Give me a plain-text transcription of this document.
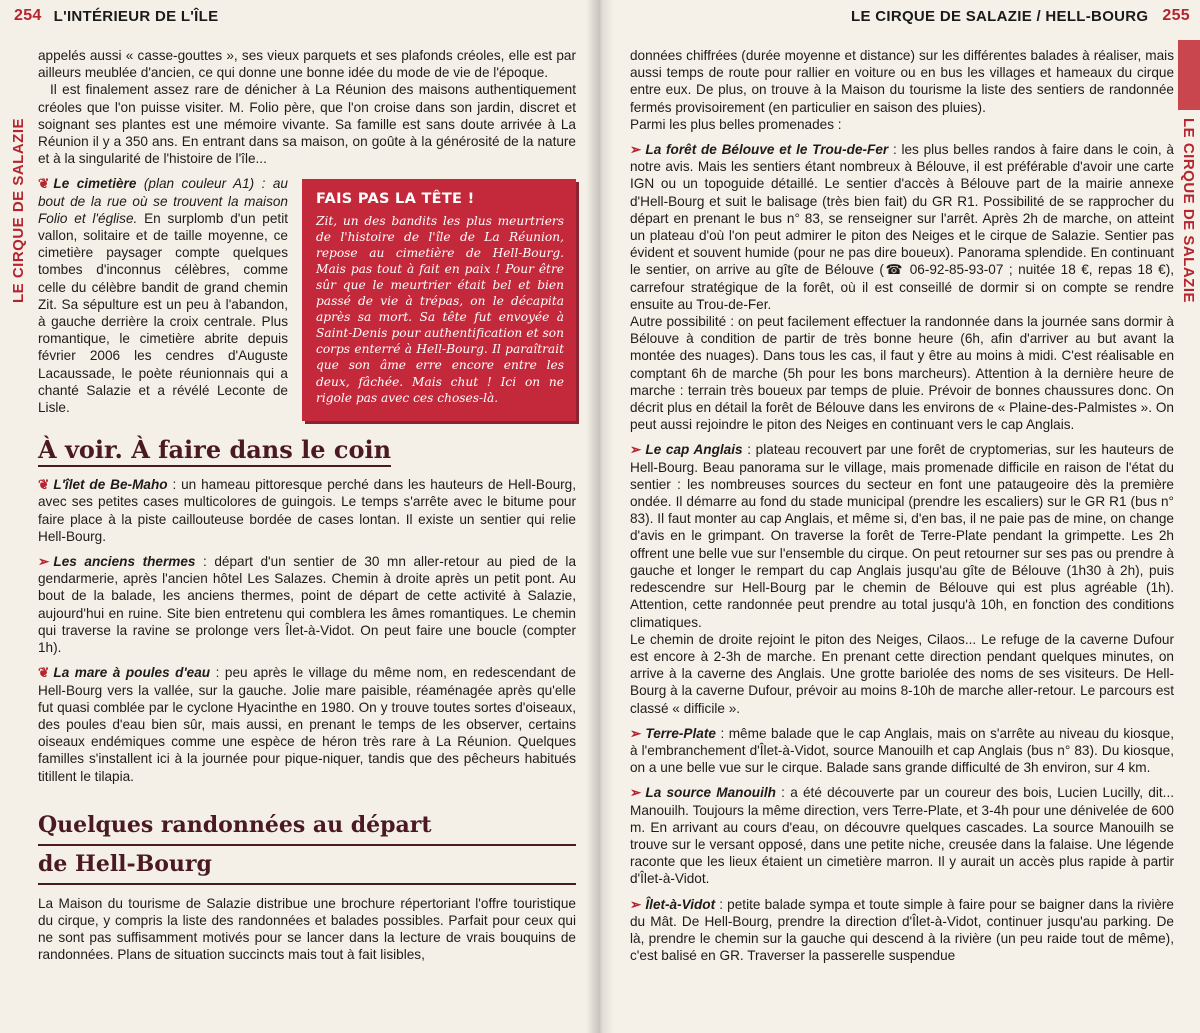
254 L'INTÉRIEUR DE L'ÎLE
LE CIRQUE DE SALAZIE

appelés aussi « casse-gouttes », ses vieux parquets et ses plafonds créoles, elle est par ailleurs meublée d'ancien, ce qui donne une bonne idée du mode de vie de l'époque.

Il est finalement assez rare de dénicher à La Réunion des maisons authentiquement créoles que l'on puisse visiter. M. Folio père, que l'on croise dans son jardin, discret et soignant ses plantes est une mémoire vivante. Sa famille est sans doute arrivée à La Réunion il y a 350 ans. En entrant dans sa maison, on goûte à la générosité de la nature et à la singularité de l'histoire de l'île...

FAIS PAS LA TÊTE !
Zit, un des bandits les plus meurtriers de l'histoire de l'île de La Réunion, repose au cimetière de Hell-Bourg. Mais pas tout à fait en paix ! Pour être sûr que le meurtrier était bel et bien passé de vie à trépas, on le décapita après sa mort. Sa tête fut envoyée à Saint-Denis pour authentification et son corps enterré à Hell-Bourg. Il paraîtrait que son âme erre encore entre les deux, fâchée. Mais chut ! Ici on ne rigole pas avec ces choses-là.

❦ Le cimetière (plan couleur A1) : au bout de la rue où se trouvent la maison Folio et l'église. En surplomb d'un petit vallon, solitaire et de taille moyenne, ce cimetière paysager compte quelques tombes d'inconnus célèbres, comme celle du célèbre bandit de grand chemin Zit. Sa sépulture est un peu à l'abandon, à gauche derrière la croix centrale. Plus romantique, le cimetière abrite depuis février 2006 les cendres d'Auguste Lacaussade, le poète réunionnais qui a chanté Salazie et a révélé Leconte de Lisle.

À voir. À faire dans le coin

❦ L'îlet de Be-Maho : un hameau pittoresque perché dans les hauteurs de Hell-Bourg, avec ses petites cases multicolores de guingois. Le temps s'arrête avec le bitume pour faire place à la piste caillouteuse bordée de cases lontan. Il existe un sentier qui relie Hell-Bourg.

➢ Les anciens thermes : départ d'un sentier de 30 mn aller-retour au pied de la gendarmerie, après l'ancien hôtel Les Salazes. Chemin à droite après un petit pont. Au bout de la balade, les anciens thermes, point de départ de cette activité à Salazie, aujourd'hui en ruine. Site bien entretenu qui comblera les âmes romantiques. Le chemin qui traverse la ravine se prolonge vers Îlet-à-Vidot. On peut faire une boucle (compter 1h).

❦ La mare à poules d'eau : peu après le village du même nom, en redescendant de Hell-Bourg vers la vallée, sur la gauche. Jolie mare paisible, réaménagée après qu'elle fut quasi comblée par le cyclone Hyacinthe en 1980. On y trouve toutes sortes d'oiseaux, des poules d'eau bien sûr, mais aussi, en prenant le temps de les observer, certains oiseaux endémiques comme une espèce de héron très rare à La Réunion. Quelques familles s'installent ici à la journée pour pique-niquer, tandis que des pêcheurs habitués titillent le tilapia.

Quelques randonnées au départ
de Hell-Bourg

La Maison du tourisme de Salazie distribue une brochure répertoriant l'offre touristique du cirque, y compris la liste des randonnées et balades possibles. Parfait pour ceux qui ne sont pas suffisamment motivés pour se lancer dans la lecture de vrais bouquins de randonnées. Plans de situation succincts mais tout à fait lisibles,

LE CIRQUE DE SALAZIE / HELL-BOURG 255
LE CIRQUE DE SALAZIE

données chiffrées (durée moyenne et distance) sur les différentes balades à réaliser, mais aussi temps de route pour rallier en voiture ou en bus les villages et hameaux du cirque entre eux. De plus, on trouve à la Maison du tourisme la liste des sentiers de randonnée fermés provisoirement (en particulier en saison des pluies).

Parmi les plus belles promenades :

➢ La forêt de Bélouve et le Trou-de-Fer : les plus belles randos à faire dans le coin, à notre avis. Mais les sentiers étant nombreux à Bélouve, il est préférable d'avoir une carte IGN ou un topoguide détaillé. Le sentier d'accès à Bélouve part de la mairie annexe d'Hell-Bourg et suit le balisage (très bien fait) du GR R1. Possibilité de se rapprocher du départ en prenant le bus n° 83, se renseigner sur l'arrêt. Après 2h de marche, on atteint un plateau d'où l'on peut admirer le piton des Neiges et le cirque de Salazie. Sentier pas évident et souvent humide (pour ne pas dire boueux). Panorama splendide. En continuant le sentier, on arrive au gîte de Bélouve (☎ 06-92-85-93-07 ; nuitée 18 €, repas 18 €), carrefour stratégique de la forêt, où il est conseillé de dormir si on compte se rendre ensuite au Trou-de-Fer.

Autre possibilité : on peut facilement effectuer la randonnée dans la journée sans dormir à Bélouve à condition de partir de très bonne heure (6h, afin d'arriver au but avant la montée des nuages). Dans tous les cas, il faut y être au moins à midi. C'est réalisable en comptant 6h de marche (5h pour les bons marcheurs). Attention à la dernière heure de marche : terrain très boueux par temps de pluie. Prévoir de bonnes chaussures donc. On décrit plus en détail la forêt de Bélouve dans les environs de « Plaine-des-Palmistes ». On peut aussi rejoindre le piton des Neiges en continuant vers le cap Anglais.

➢ Le cap Anglais : plateau recouvert par une forêt de cryptomerias, sur les hauteurs de Hell-Bourg. Beau panorama sur le village, mais promenade difficile en raison de l'état du sentier : les nombreuses sources du secteur en font une pataugeoire dès la première ondée. Il démarre au fond du stade municipal (prendre les escaliers) sur le GR R1 (bus n° 83). Il faut monter au cap Anglais, et même si, d'en bas, il ne paie pas de mine, on change d'avis en le grimpant. On traverse la forêt de Terre-Plate pendant la grimpette. Les 2h offrent une belle vue sur l'ensemble du cirque. On peut retourner sur ses pas ou prendre à gauche et longer le rempart du cap Anglais jusqu'au gîte de Bélouve (1h30 à 2h), puis redescendre sur Hell-Bourg par le chemin de Bélouve qui est plus agréable (1h). Attention, cette randonnée peut prendre au total jusqu'à 10h, en fonction des conditions climatiques.

Le chemin de droite rejoint le piton des Neiges, Cilaos... Le refuge de la caverne Dufour est encore à 2-3h de marche. En prenant cette direction pendant quelques minutes, on arrive à la caverne des Anglais. Une grotte bariolée des noms de ses visiteurs. De Hell-Bourg à la caverne Dufour, prévoir au moins 8-10h de marche aller-retour. Le parcours est classé « difficile ».

➢ Terre-Plate : même balade que le cap Anglais, mais on s'arrête au niveau du kiosque, à l'embranchement d'Îlet-à-Vidot, source Manouilh et cap Anglais (bus n° 83). Du kiosque, on a une belle vue sur le cirque. Balade sans grande difficulté de 3h environ, sur 4 km.

➢ La source Manouilh : a été découverte par un coureur des bois, Lucien Lucilly, dit... Manouilh. Toujours la même direction, vers Terre-Plate, et 3-4h pour une dénivelée de 600 m. En arrivant au cours d'eau, on découvre quelques cascades. La source Manouilh se trouve sur le versant opposé, dans une petite niche, creusée dans la falaise. Une légende raconte que les lieux étaient un cimetière marron. Il y aurait un accès plus rapide à partir d'Îlet-à-Vidot.

➢ Îlet-à-Vidot : petite balade sympa et toute simple à faire pour se baigner dans la rivière du Mât. De Hell-Bourg, prendre la direction d'Îlet-à-Vidot, continuer jusqu'au parking. De là, prendre le chemin sur la gauche qui descend à la rivière (un peu raide tout de même), c'est balisé en GR. Traverser la passerelle suspendue
